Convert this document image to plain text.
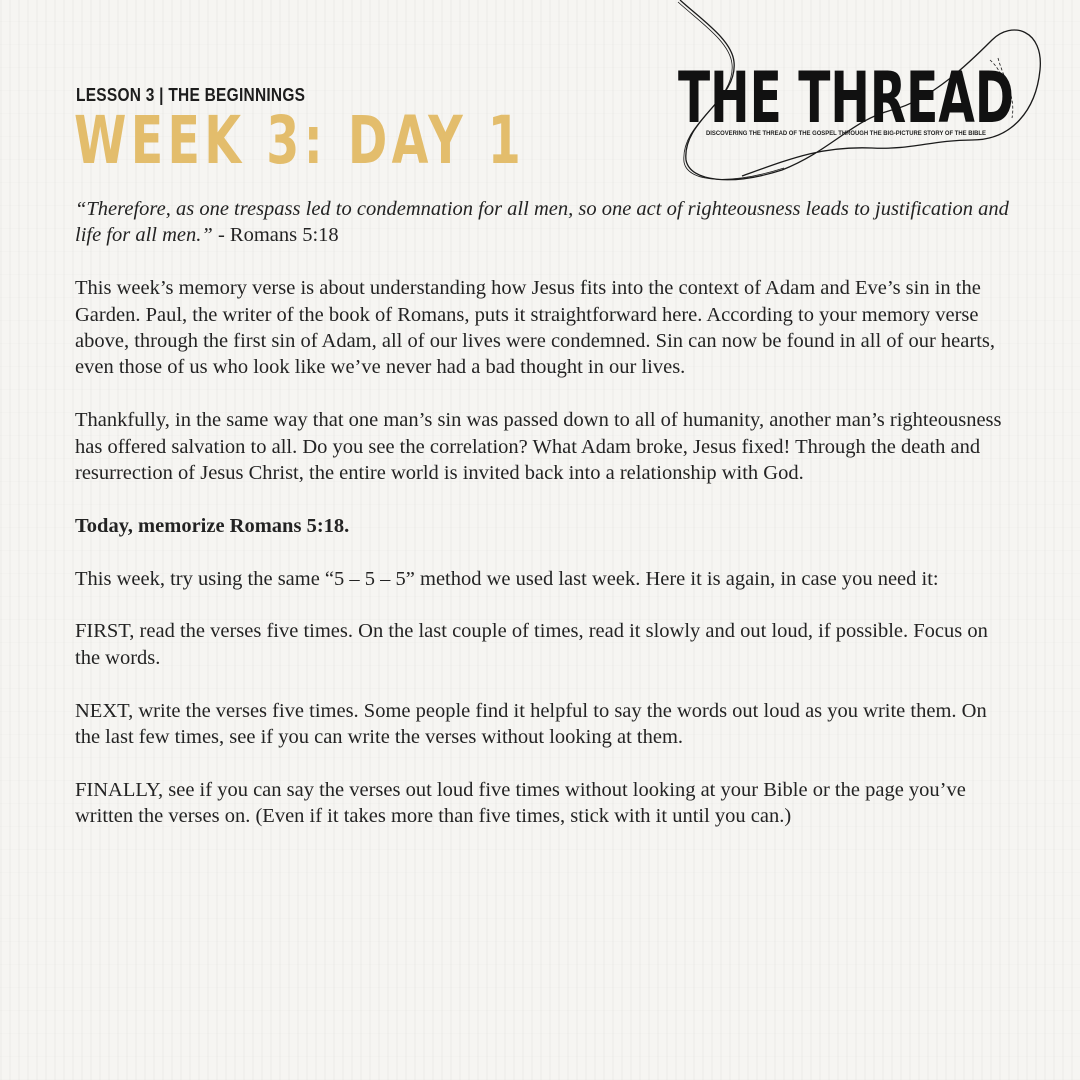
LESSON 3 | THE BEGINNINGS
WEEK 3: DAY 1
THE THREAD
DISCOVERING THE THREAD OF THE GOSPEL THROUGH THE BIG-PICTURE STORY OF THE BIBLE

“Therefore, as one trespass led to condemnation for all men, so one act of righteousness leads to justification and life for all men.” - Romans 5:18

This week’s memory verse is about understanding how Jesus fits into the context of Adam and Eve’s sin in the Garden. Paul, the writer of the book of Romans, puts it straightforward here. According to your memory verse above, through the first sin of Adam, all of our lives were condemned. Sin can now be found in all of our hearts, even those of us who look like we’ve never had a bad thought in our lives.

Thankfully, in the same way that one man’s sin was passed down to all of humanity, another man’s righteousness has offered salvation to all. Do you see the correlation? What Adam broke, Jesus fixed! Through the death and resurrection of Jesus Christ, the entire world is invited back into a relationship with God.

Today, memorize Romans 5:18.

This week, try using the same “5 – 5 – 5” method we used last week. Here it is again, in case you need it:

FIRST, read the verses five times. On the last couple of times, read it slowly and out loud, if possible. Focus on the words.

NEXT, write the verses five times. Some people find it helpful to say the words out loud as you write them. On the last few times, see if you can write the verses without looking at them.

FINALLY, see if you can say the verses out loud five times without looking at your Bible or the page you’ve written the verses on. (Even if it takes more than five times, stick with it until you can.)
